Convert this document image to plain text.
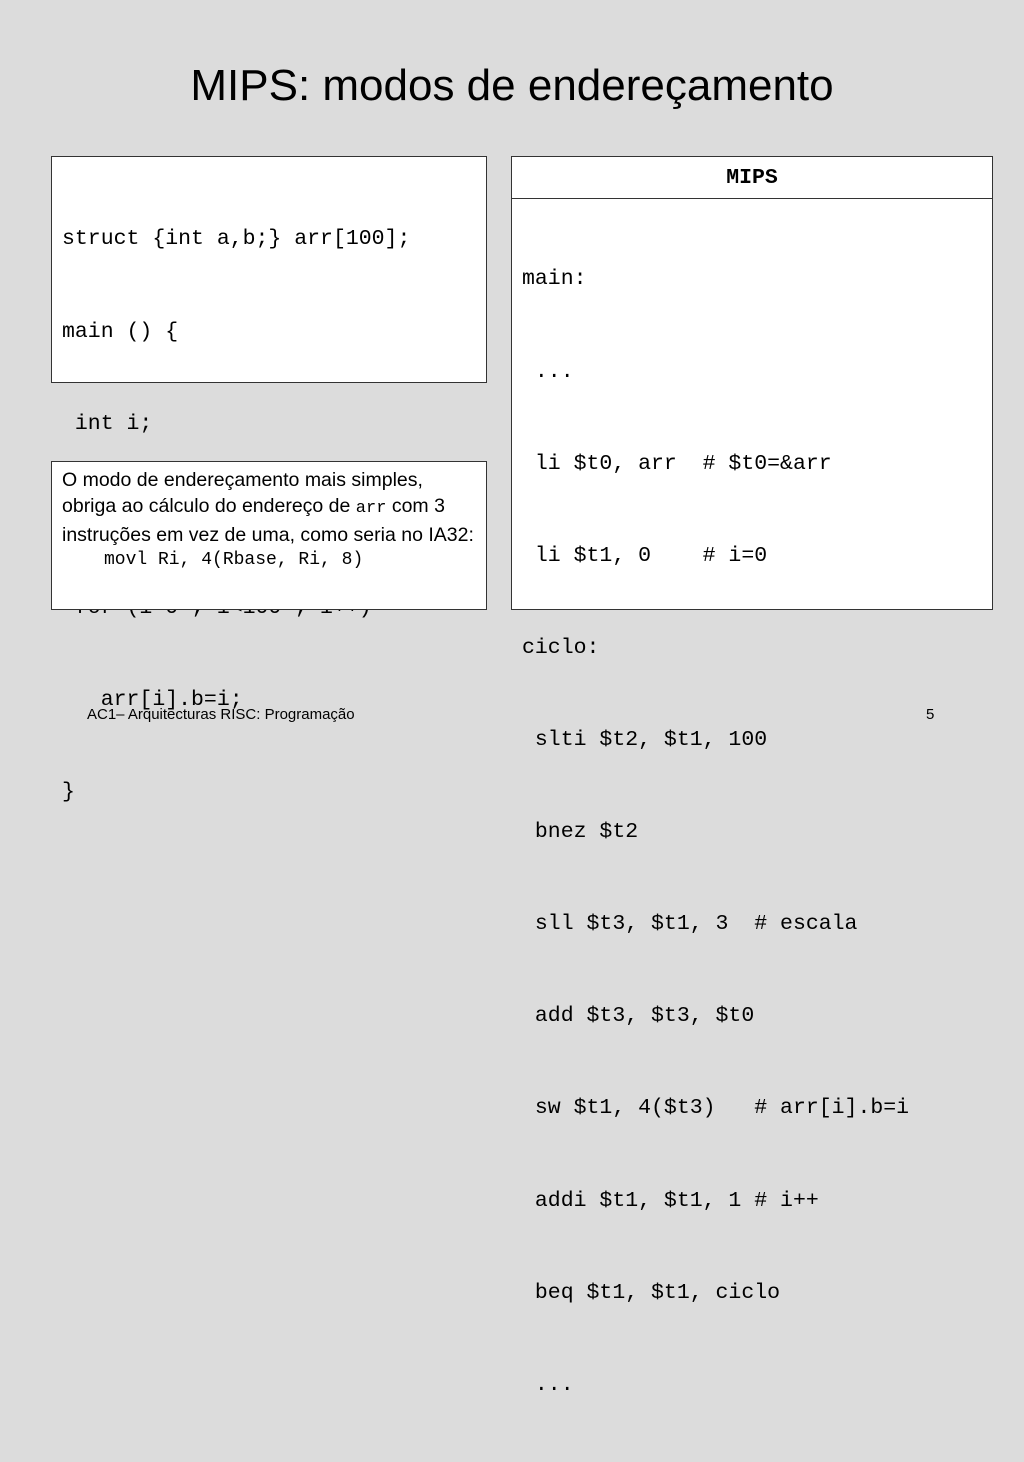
MIPS: modos de endereçamento

struct {int a,b;} arr[100];

main () {

int i;

arr[i].b=i;

}

O modo de endereçamento mais simples, obriga ao cálculo do endereço de arr com 3 instruções em vez de uma, como seria no IA32:
movl Ri, 4(Rbase, Ri, 8)
MIPS

main:

...

li $t0, arr  # $t0=&arr

li $t1, 0    # i=0

ciclo:

slti $t2, $t1, 100

bnez $t2

sll $t3, $t1, 3  # escala

add $t3, $t3, $t0

sw $t1, 4($t3)   # arr[i].b=i

addi $t1, $t1, 1 # i++

beq $t1, $t1, ciclo

...

AC1– Arquitecturas RISC: Programação	5
